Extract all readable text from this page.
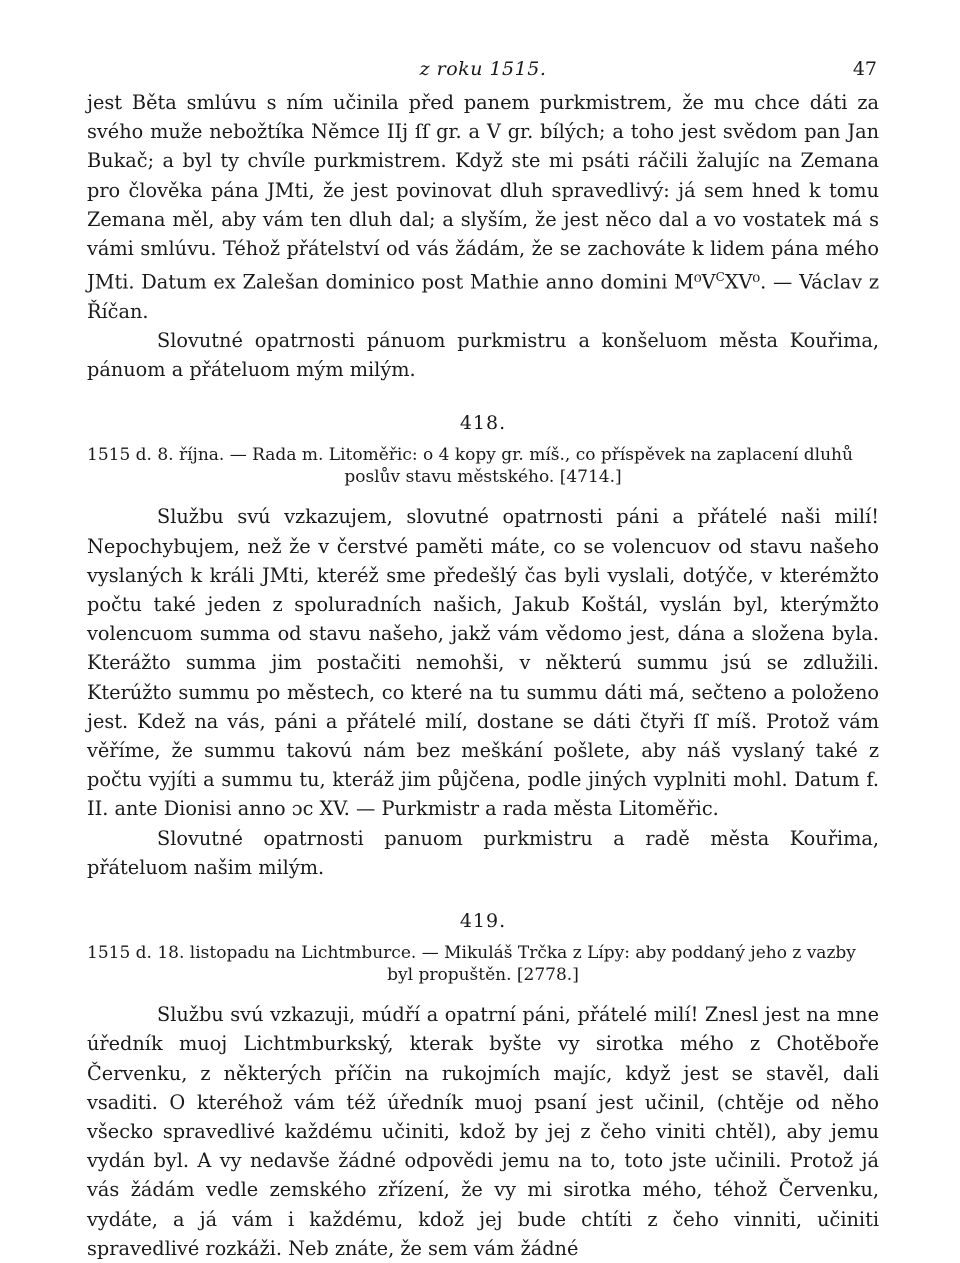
z roku 1515.	47

jest Běta smlúvu s ním učinila před panem purkmistrem, že mu chce dáti za svého muže nebožtíka Němce IIj ſſ gr. a V gr. bílých; a toho jest svědom pan Jan Bukač; a byl ty chvíle purkmistrem. Když ste mi psáti ráčili žalujíc na Zemana pro člověka pána JMti, že jest povinovat dluh spravedlivý: já sem hned k tomu Zemana měl, aby vám ten dluh dal; a slyším, že jest něco dal a vo vostatek má s vámi smlúvu. Téhož přátelství od vás žádám, že se zachováte k lidem pána mého JMti. Datum ex Zalešan dominico post Mathie anno domini $M^0V^CXV^0$. — Václav z Říčan.

Slovutné opatrnosti pánuom purkmistru a konšeluom města Kouřima, pánuom a přáteluom mým milým.

418.
1515 d. 8. října. — Rada m. Litoměřic: o 4 kopy gr. míš., co příspěvek na zaplacení dluhů
poslův stavu městského. [4714.]

Službu svú vzkazujem, slovutné opatrnosti páni a přátelé naši milí! Nepochybujem, než že v čerstvé paměti máte, co se volencuov od stavu našeho vyslaných k králi JMti, kteréž sme předešlý čas byli vyslali, dotýče, v kterémžto počtu také jeden z spoluradních našich, Jakub Koštál, vyslán byl, kterýmžto volencuom summa od stavu našeho, jakž vám vědomo jest, dána a složena byla. Kterážto summa jim postačiti nemohši, v některú summu jsú se zdlužili. Kterúžto summu po městech, co které na tu summu dáti má, sečteno a položeno jest. Kdež na vás, páni a přátelé milí, dostane se dáti čtyři ſſ míš. Protož vám věříme, že summu takovú nám bez meškání pošlete, aby náš vyslaný také z počtu vyjíti a summu tu, kteráž jim půjčena, podle jiných vyplniti mohl. Datum f. II. ante Dionisi anno ɔc XV. — Purkmistr a rada města Litoměřic.

Slovutné opatrnosti panuom purkmistru a radě města Kouřima, přáteluom našim milým.

419.
1515 d. 18. listopadu na Lichtmburce. — Mikuláš Trčka z Lípy: aby poddaný jeho z vazby
byl propuštěn. [2778.]

Službu svú vzkazuji, múdří a opatrní páni, přátelé milí! Znesl jest na mne úředník muoj Lichtmburkský, kterak byšte vy sirotka mého z Chotěboře Červenku, z některých příčin na rukojmích majíc, když jest se stavěl, dali vsaditi. O kteréhož vám též úředník muoj psaní jest učinil, (chtěje od něho všecko spravedlivé každému učiniti, kdož by jej z čeho viniti chtěl), aby jemu vydán byl. A vy nedavše žádné odpovědi jemu na to, toto jste učinili. Protož já vás žádám vedle zemského zřízení, že vy mi sirotka mého, téhož Červenku, vydáte, a já vám i každému, kdož jej bude chtíti z čeho vinniti, učiniti spravedlivé rozkáži. Neb znáte, že sem vám žádné
